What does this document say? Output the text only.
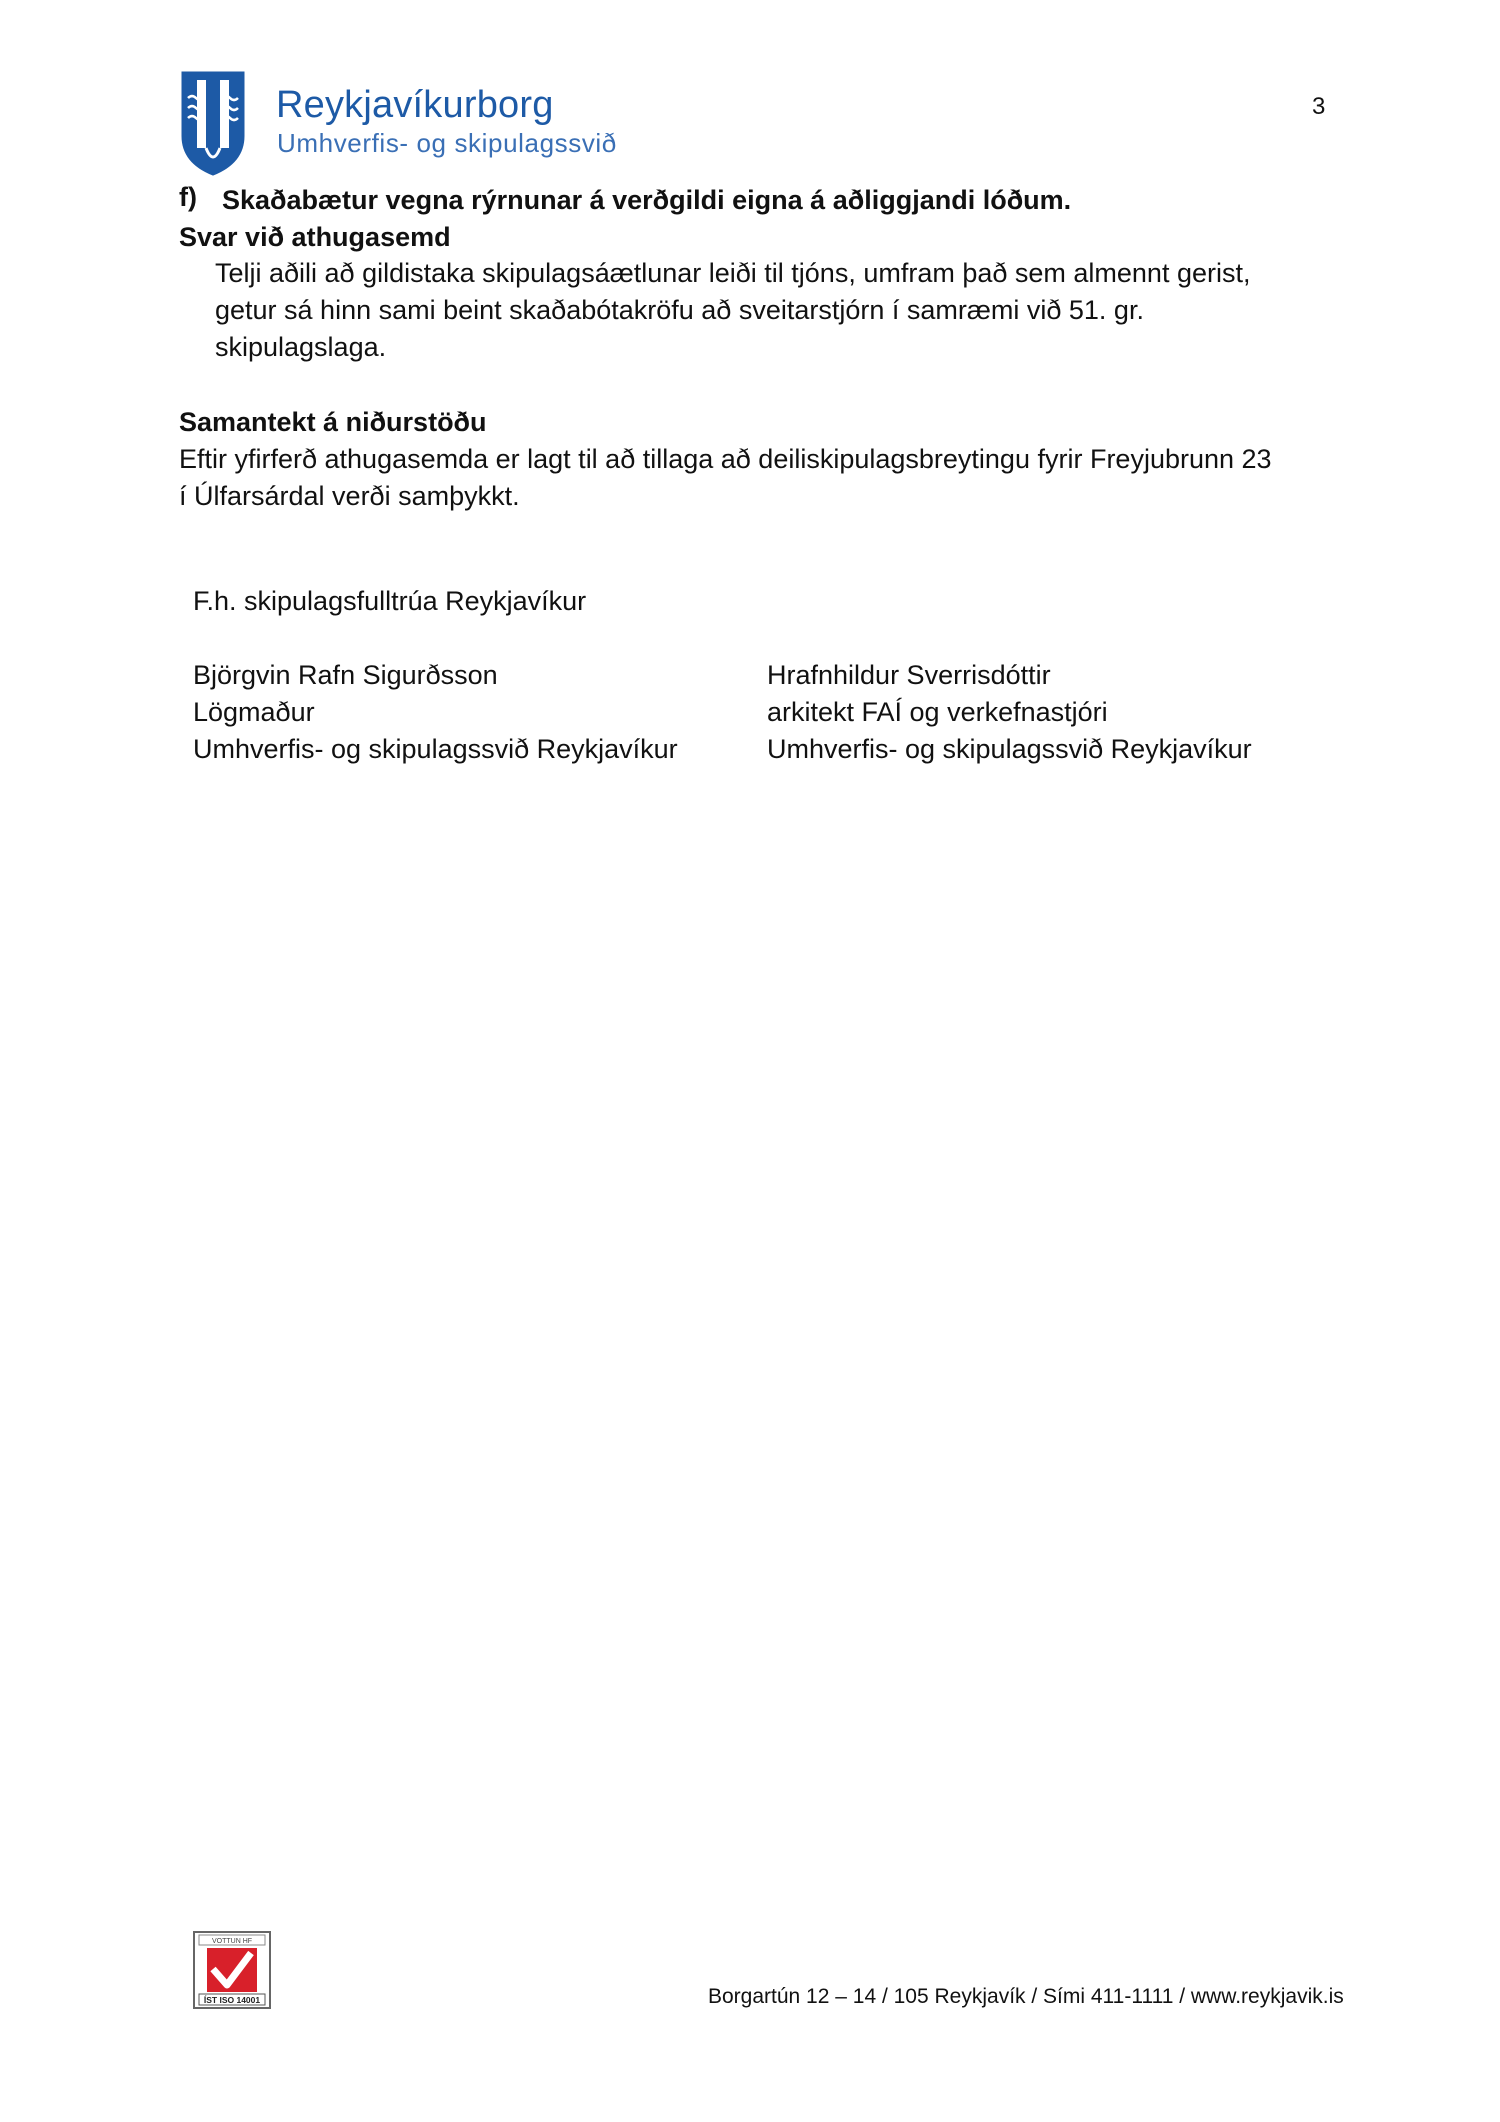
Reykjavíkurborg
Umhverfis- og skipulagssvið
3
f) Skaðabætur vegna rýrnunar á verðgildi eigna á aðliggjandi lóðum.
Svar við athugasemd
Telji aðili að gildistaka skipulagsáætlunar leiði til tjóns, umfram það sem almennt gerist,
getur sá hinn sami beint skaðabótakröfu að sveitarstjórn í samræmi við 51. gr.
skipulagslaga.
Samantekt á niðurstöðu
Eftir yfirferð athugasemda er lagt til að tillaga að deiliskipulagsbreytingu fyrir Freyjubrunn 23
í Úlfarsárdal verði samþykkt.
F.h. skipulagsfulltrúa Reykjavíkur
Björgvin Rafn Sigurðsson
Lögmaður
Umhverfis- og skipulagssvið Reykjavíkur
Hrafnhildur Sverrisdóttir
arkitekt FAÍ og verkefnastjóri
Umhverfis- og skipulagssvið Reykjavíkur
VOTTUN HF
ÍST ISO 14001	Borgartún 12 – 14 / 105 Reykjavík / Sími 411-1111 / www.reykjavik.is
